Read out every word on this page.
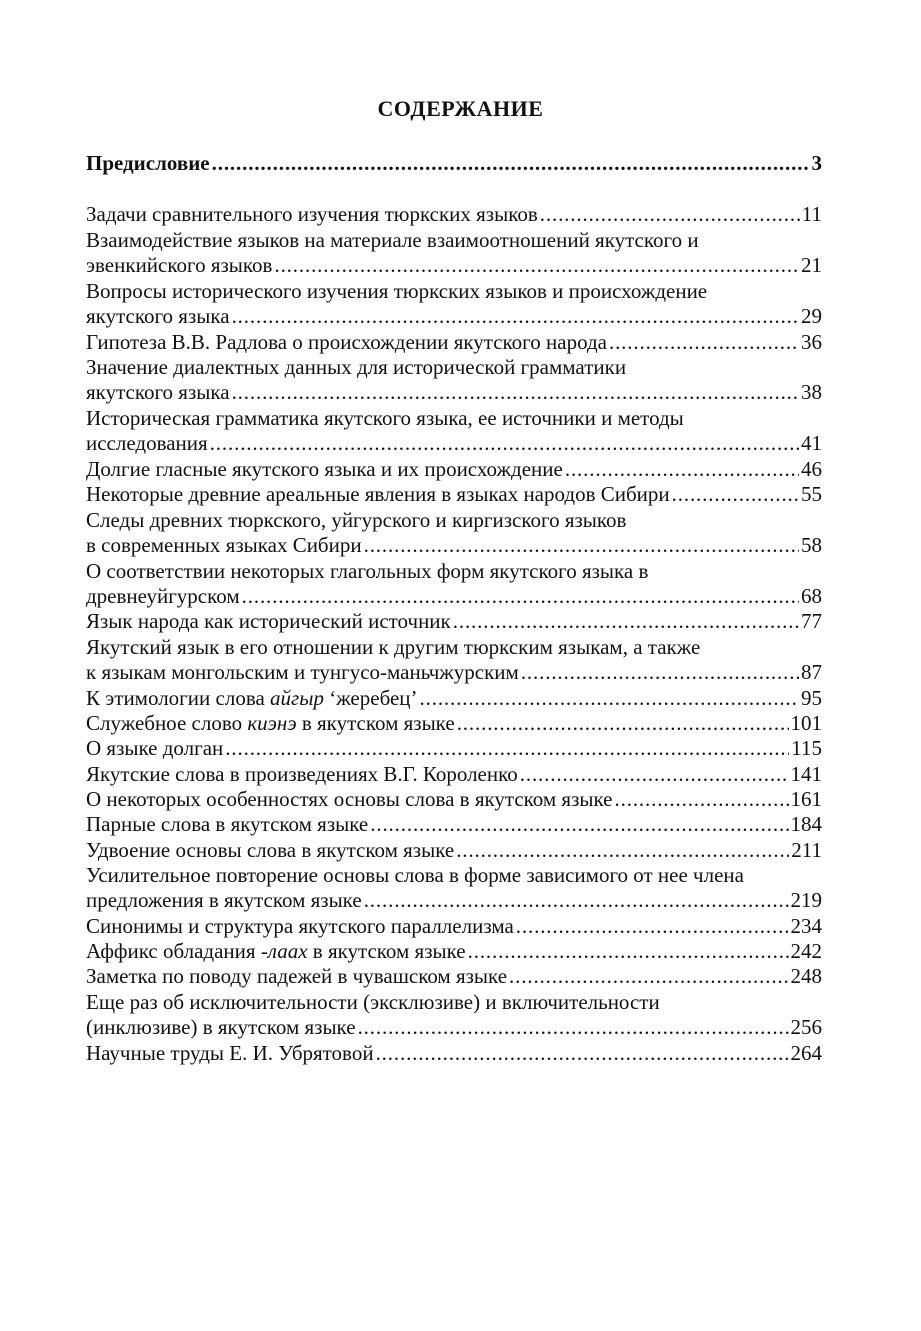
СОДЕРЖАНИЕ
Предисловие . . .	3
Задачи сравнительного изучения тюркских языков . . .	11
Взаимодействие языков на материале взаимоотношений якутского и
эвенкийского языков . . .	21
Вопросы исторического изучения тюркских языков и происхождение
якутского языка . . .	29
Гипотеза В.В. Радлова о происхождении якутского народа . . .	36
Значение диалектных данных для исторической грамматики
якутского языка . . .	38
Историческая грамматика якутского языка, ее источники и методы
исследования . . .	41
Долгие гласные якутского языка и их происхождение . . .	46
Некоторые древние ареальные явления в языках народов Сибири . . .	55
Следы древних тюркского, уйгурского и киргизского языков
в современных языках Сибири . . .	58
О соответствии некоторых глагольных форм якутского языка в
древнеуйгурском . . .	68
Язык народа как исторический источник . . .	77
Якутский язык в его отношении к другим тюркским языкам, а также
к языкам монгольским и тунгусо-маньчжурским . . .	87
К этимологии слова айгыр ‘жеребец’ . . .	95
Служебное слово киэнэ в якутском языке . . .	101
О языке долган . . .	115
Якутские слова в произведениях В.Г. Короленко . . .	141
О некоторых особенностях основы слова в якутском языке . . .	161
Парные слова в якутском языке . . .	184
Удвоение основы слова в якутском языке . . .	211
Усилительное повторение основы слова в форме зависимого от нее члена
предложения в якутском языке . . .	219
Синонимы и структура якутского параллелизма . . .	234
Аффикс обладания -лаах в якутском языке . . .	242
Заметка по поводу падежей в чувашском языке . . .	248
Еще раз об исключительности (эксклюзиве) и включительности
(инклюзиве) в якутском языке . . .	256
Научные труды Е. И. Убрятовой . . .	264
